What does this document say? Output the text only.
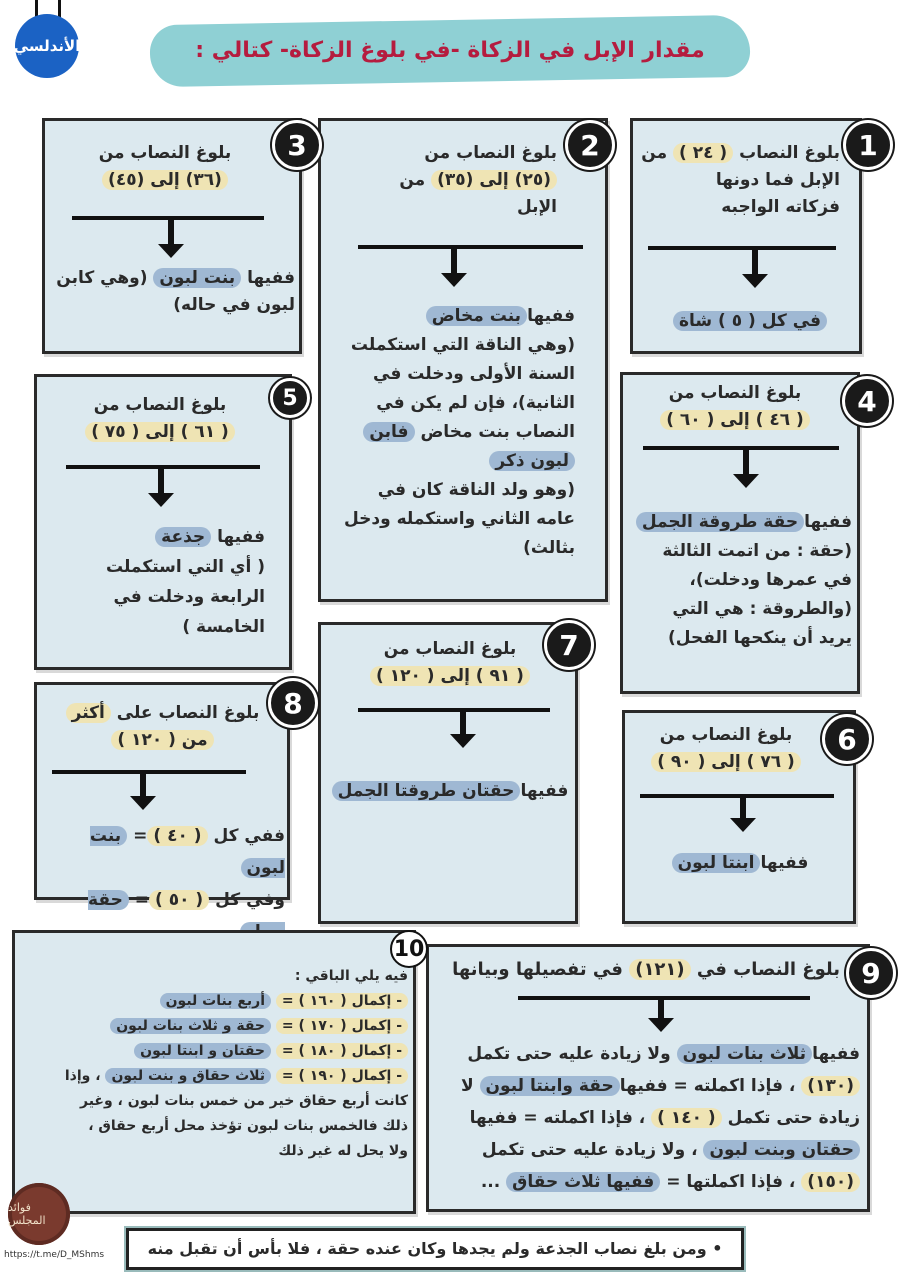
الأندلسي	مقدار الإبل في الزكاة -في بلوغ الزكاة- كتالي :
1
بلوغ النصاب ( ٢٤ ) من
الإبل فما دونها
فزكاته الواجبه
في كل ( ٥ ) شاة
2
بلوغ النصاب من
(٢٥) إلى (٣٥) من
الإبل
ففيهابنت مخاض
(وهي الناقة التي استكملت
السنة الأولى ودخلت في
الثانية)، فإن لم يكن في
النصاب بنت مخاض فابن
لبون ذكر
(وهو ولد الناقة كان في
عامه الثاني واستكمله ودخل
بثالث)
3
بلوغ النصاب من
(٣٦) إلى (٤٥)
ففيها بنت لبون (وهي كابن
لبون في حاله)
4
بلوغ النصاب من
( ٤٦ ) إلى ( ٦٠ )
ففيهاحقة طروقة الجمل
(حقة : من اتمت الثالثة
في عمرها ودخلت)،
(والطروقة : هي التي
يريد أن ينكحها الفحل)
5
بلوغ النصاب من
( ٦١ ) إلى ( ٧٥ )
ففيها جذعة
( أي التي استكملت
الرابعة ودخلت في
الخامسة )
6
بلوغ النصاب من
( ٧٦ ) إلى ( ٩٠ )
ففيهاابنتا لبون
7
بلوغ النصاب من
( ٩١ ) إلى ( ١٢٠ )
ففيهاحقتان طروقتا الجمل
8
بلوغ النصاب على أكثر
من ( ١٢٠ )
ففي كل ( ٤٠ )= بنت لبون
وفي كل ( ٥٠ )= حقة
9
بلوغ النصاب في (١٢١) في تفصيلها وبيانها
ففيهاثلاث بنات لبون ولا زيادة عليه حتى تكمل
(١٣٠) ، فإذا اكملته = ففيهاحقة وابنتا لبون لا
زيادة حتى تكمل ( ١٤٠ ) ، فإذا اكملته = ففيها
حقتان وبنت لبون ، ولا زيادة عليه حتى تكمل
(١٥٠) ، فإذا اكملتها = ففيها ثلاث حقاق ...
10
فيه يلي الباقي :
- إكمال ( ١٦٠ ) = أربع بنات لبون
- إكمال ( ١٧٠ ) = حقة و ثلاث بنات لبون
- إكمال ( ١٨٠ ) = حقتان و ابنتا لبون
- إكمال ( ١٩٠ ) = ثلاث حقاق و بنت لبون ، وإذا
كانت أربع حقاق خير من خمس بنات لبون ، وغير
ذلك فالخمس بنات لبون تؤخذ محل أربع حقاق ،
ولا يحل له غير ذلك
فوائد المجلس
https://t.me/D_MShms	• ومن بلغ نصاب الجذعة ولم يجدها وكان عنده حقة ، فلا بأس أن تقبل منه
